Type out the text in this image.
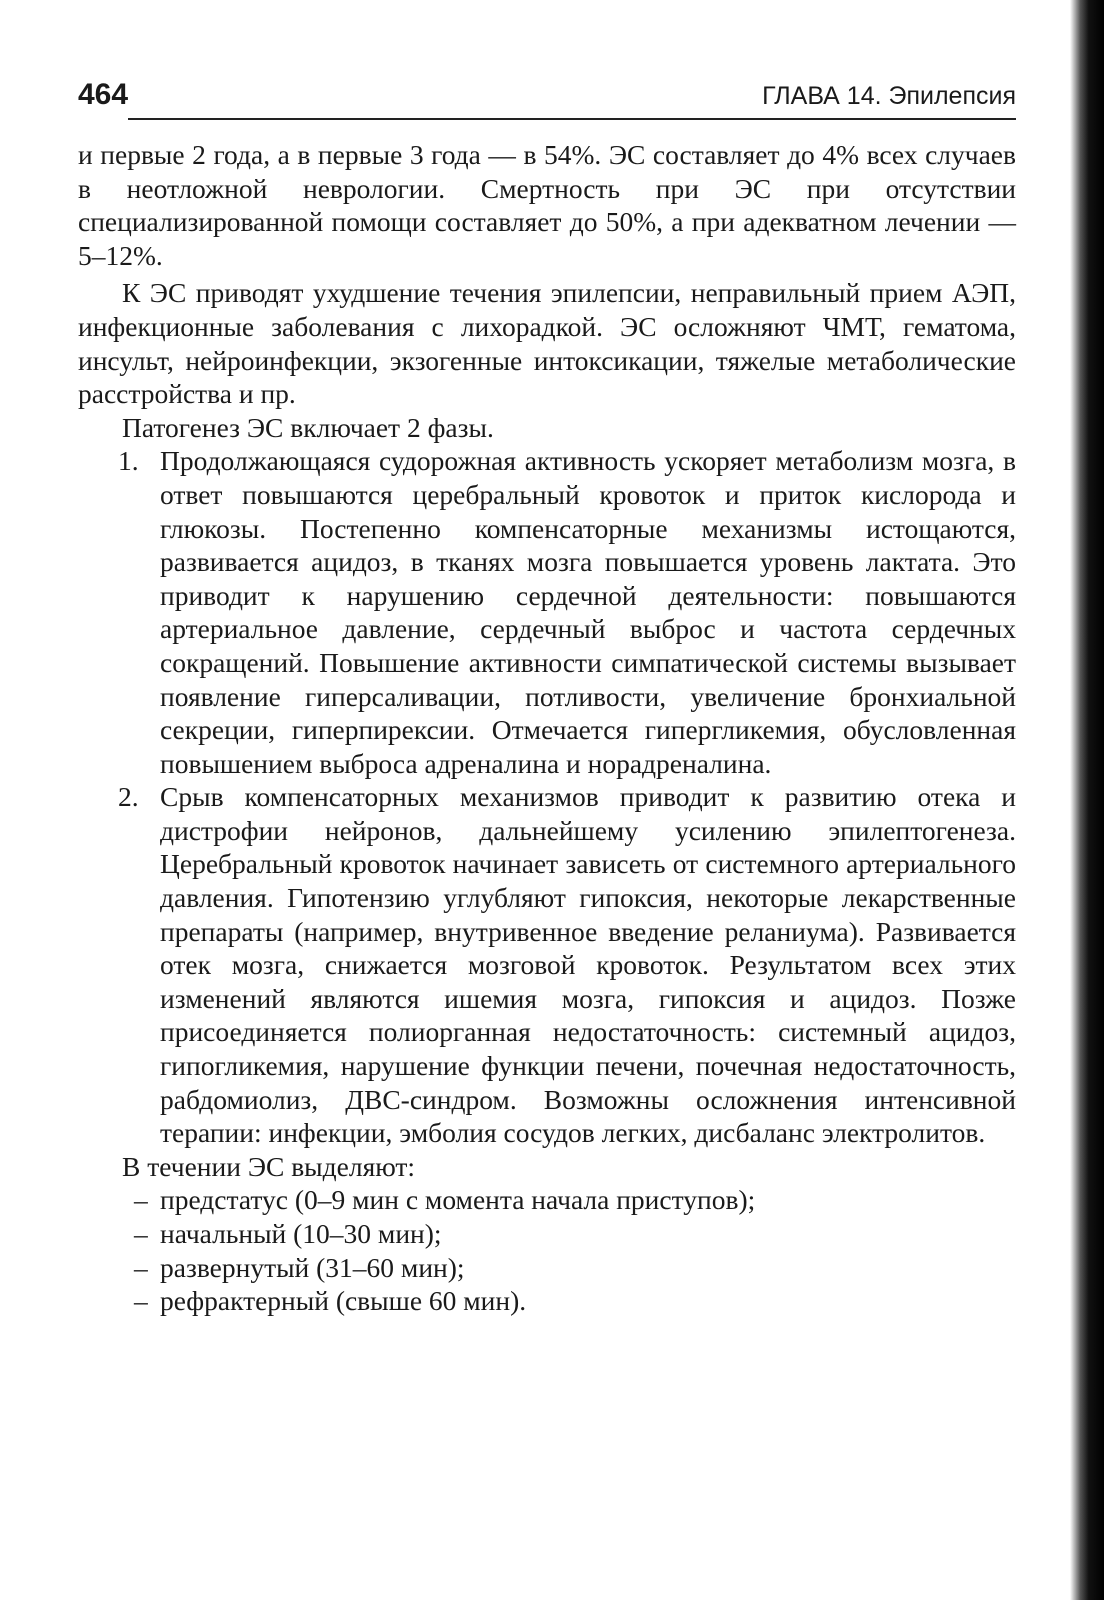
464	ГЛАВА 14. Эпилепсия

и первые 2 года, а в первые 3 года — в 54%. ЭС составляет до 4% всех случаев в неотложной неврологии. Смертность при ЭС при отсутствии специализированной помощи составляет до 50%, а при адекватном лечении — 5–12%.

К ЭС приводят ухудшение течения эпилепсии, неправильный прием АЭП, инфекционные заболевания с лихорадкой. ЭС осложняют ЧМТ, гематома, инсульт, нейроинфекции, экзогенные интоксикации, тяжелые метаболические расстройства и пр.

Патогенез ЭС включает 2 фазы.

1. Продолжающаяся судорожная активность ускоряет метаболизм мозга, в ответ повышаются церебральный кровоток и приток кислорода и глюкозы. Постепенно компенсаторные механизмы истощаются, развивается ацидоз, в тканях мозга повышается уровень лактата. Это приводит к нарушению сердечной деятельности: повышаются артериальное давление, сердечный выброс и частота сердечных сокращений. Повышение активности симпатической системы вызывает появление гиперсаливации, потливости, увеличение бронхиальной секреции, гиперпирексии. Отмечается гипергликемия, обусловленная повышением выброса адреналина и норадреналина.
2. Срыв компенсаторных механизмов приводит к развитию отека и дистрофии нейронов, дальнейшему усилению эпилептогенеза. Церебральный кровоток начинает зависеть от системного артериального давления. Гипотензию углубляют гипоксия, некоторые лекарственные препараты (например, внутривенное введение реланиума). Развивается отек мозга, снижается мозговой кровоток. Результатом всех этих изменений являются ишемия мозга, гипоксия и ацидоз. Позже присоединяется полиорганная недостаточность: системный ацидоз, гипогликемия, нарушение функции печени, почечная недостаточность, рабдомиолиз, ДВС-синдром. Возможны осложнения интенсивной терапии: инфекции, эмболия сосудов легких, дисбаланс электролитов.

В течении ЭС выделяют:

– предстатус (0–9 мин с момента начала приступов);
– начальный (10–30 мин);
– развернутый (31–60 мин);
– рефрактерный (свыше 60 мин).
